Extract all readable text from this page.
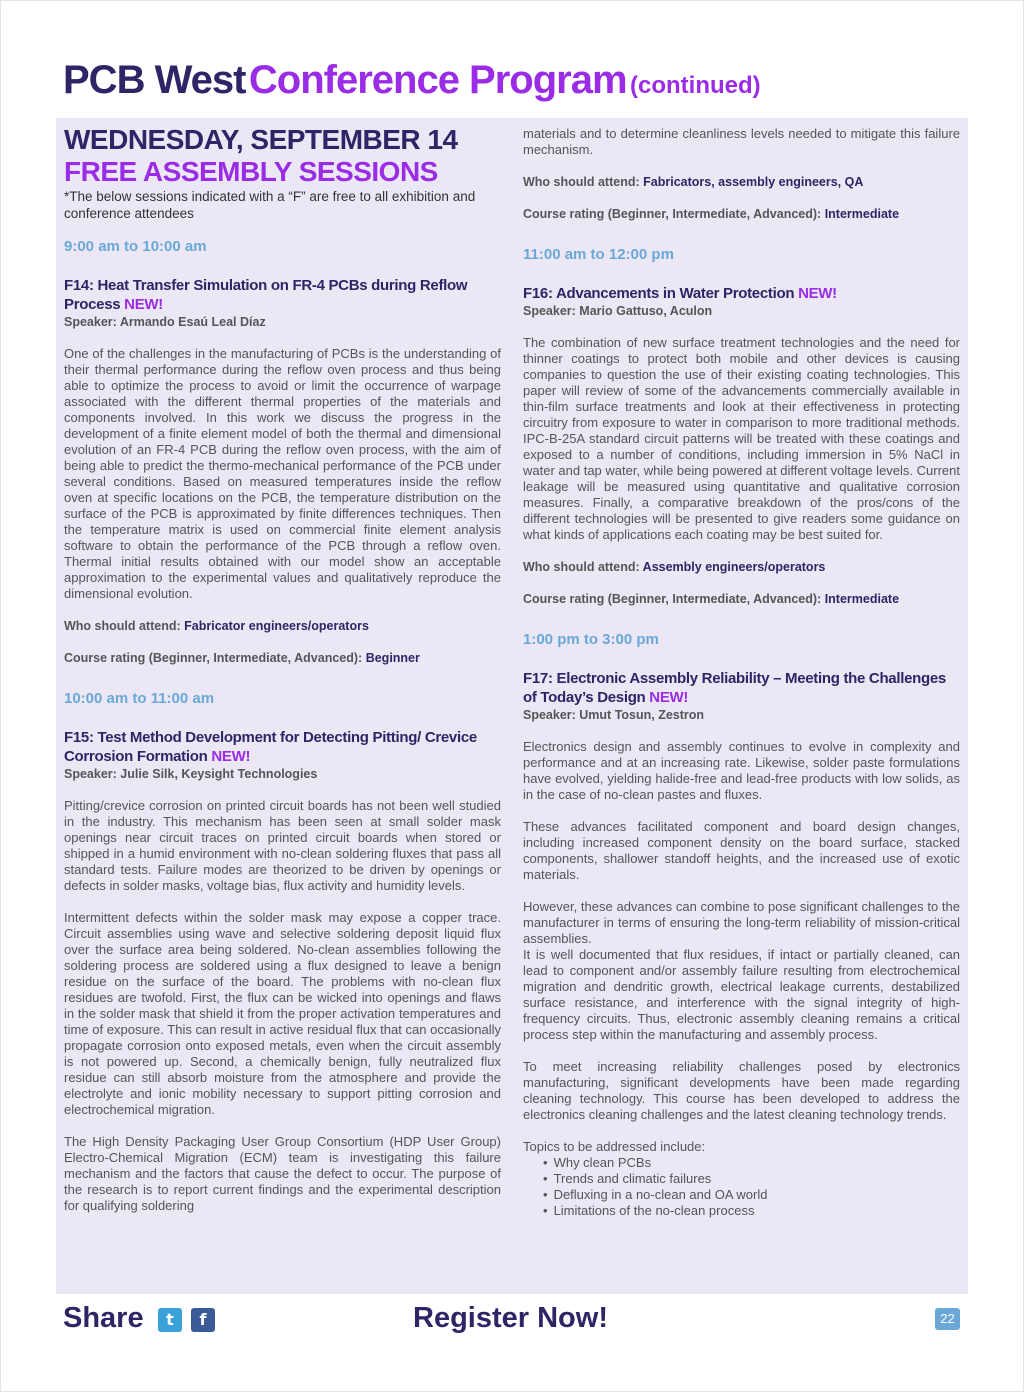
PCB West Conference Program (continued)
WEDNESDAY, SEPTEMBER 14
FREE ASSEMBLY SESSIONS
*The below sessions indicated with a “F” are free to all exhibition and conference attendees
9:00 am to 10:00 am
F14: Heat Transfer Simulation on FR-4 PCBs during Reflow Process NEW!
Speaker: Armando Esaú Leal Díaz
One of the challenges in the manufacturing of PCBs is the understanding of their thermal performance during the reflow oven process and thus being able to optimize the process to avoid or limit the occurrence of warpage associated with the different thermal properties of the materials and components involved. In this work we discuss the progress in the development of a finite element model of both the thermal and dimensional evolution of an FR-4 PCB during the reflow oven process, with the aim of being able to predict the thermo-mechanical performance of the PCB under several conditions. Based on measured temperatures inside the reflow oven at specific locations on the PCB, the temperature distribution on the surface of the PCB is approximated by finite differences techniques. Then the temperature matrix is used on commercial finite element analysis software to obtain the performance of the PCB through a reflow oven. Thermal initial results obtained with our model show an acceptable approximation to the experimental values and qualitatively reproduce the dimensional evolution.
Who should attend: Fabricator engineers/operators
Course rating (Beginner, Intermediate, Advanced): Beginner
10:00 am to 11:00 am
F15: Test Method Development for Detecting Pitting/ Crevice Corrosion Formation NEW!
Speaker: Julie Silk, Keysight Technologies
Pitting/crevice corrosion on printed circuit boards has not been well studied in the industry. This mechanism has been seen at small solder mask openings near circuit traces on printed circuit boards when stored or shipped in a humid environment with no-clean soldering fluxes that pass all standard tests. Failure modes are theorized to be driven by openings or defects in solder masks, voltage bias, flux activity and humidity levels.
Intermittent defects within the solder mask may expose a copper trace. Circuit assemblies using wave and selective soldering deposit liquid flux over the surface area being soldered. No-clean assemblies following the soldering process are soldered using a flux designed to leave a benign residue on the surface of the board. The problems with no-clean flux residues are twofold. First, the flux can be wicked into openings and flaws in the solder mask that shield it from the proper activation temperatures and time of exposure. This can result in active residual flux that can occasionally propagate corrosion onto exposed metals, even when the circuit assembly is not powered up. Second, a chemically benign, fully neutralized flux residue can still absorb moisture from the atmosphere and provide the electrolyte and ionic mobility necessary to support pitting corrosion and electrochemical migration.
The High Density Packaging User Group Consortium (HDP User Group) Electro-Chemical Migration (ECM) team is investigating this failure mechanism and the factors that cause the defect to occur. The purpose of the research is to report current findings and the experimental description for qualifying soldering
materials and to determine cleanliness levels needed to mitigate this failure mechanism.
Who should attend: Fabricators, assembly engineers, QA
Course rating (Beginner, Intermediate, Advanced): Intermediate
11:00 am to 12:00 pm
F16: Advancements in Water Protection NEW!
Speaker: Mario Gattuso, Aculon
The combination of new surface treatment technologies and the need for thinner coatings to protect both mobile and other devices is causing companies to question the use of their existing coating technologies. This paper will review of some of the advancements commercially available in thin-film surface treatments and look at their effectiveness in protecting circuitry from exposure to water in comparison to more traditional methods. IPC-B-25A standard circuit patterns will be treated with these coatings and exposed to a number of conditions, including immersion in 5% NaCl in water and tap water, while being powered at different voltage levels. Current leakage will be measured using quantitative and qualitative corrosion measures. Finally, a comparative breakdown of the pros/cons of the different technologies will be presented to give readers some guidance on what kinds of applications each coating may be best suited for.
Who should attend: Assembly engineers/operators
Course rating (Beginner, Intermediate, Advanced): Intermediate
1:00 pm to 3:00 pm
F17: Electronic Assembly Reliability – Meeting the Challenges of Today’s Design NEW!
Speaker: Umut Tosun, Zestron
Electronics design and assembly continues to evolve in complexity and performance and at an increasing rate. Likewise, solder paste formulations have evolved, yielding halide-free and lead-free products with low solids, as in the case of no-clean pastes and fluxes.
These advances facilitated component and board design changes, including increased component density on the board surface, stacked components, shallower standoff heights, and the increased use of exotic materials.
However, these advances can combine to pose significant challenges to the manufacturer in terms of ensuring the long-term reliability of mission-critical assemblies.
It is well documented that flux residues, if intact or partially cleaned, can lead to component and/or assembly failure resulting from electrochemical migration and dendritic growth, electrical leakage currents, destabilized surface resistance, and interference with the signal integrity of high-frequency circuits. Thus, electronic assembly cleaning remains a critical process step within the manufacturing and assembly process.
To meet increasing reliability challenges posed by electronics manufacturing, significant developments have been made regarding cleaning technology. This course has been developed to address the electronics cleaning challenges and the latest cleaning technology trends.
Topics to be addressed include:
• Why clean PCBs
• Trends and climatic failures
• Defluxing in a no-clean and OA world
• Limitations of the no-clean process
Share	t	f	Register Now!	22
